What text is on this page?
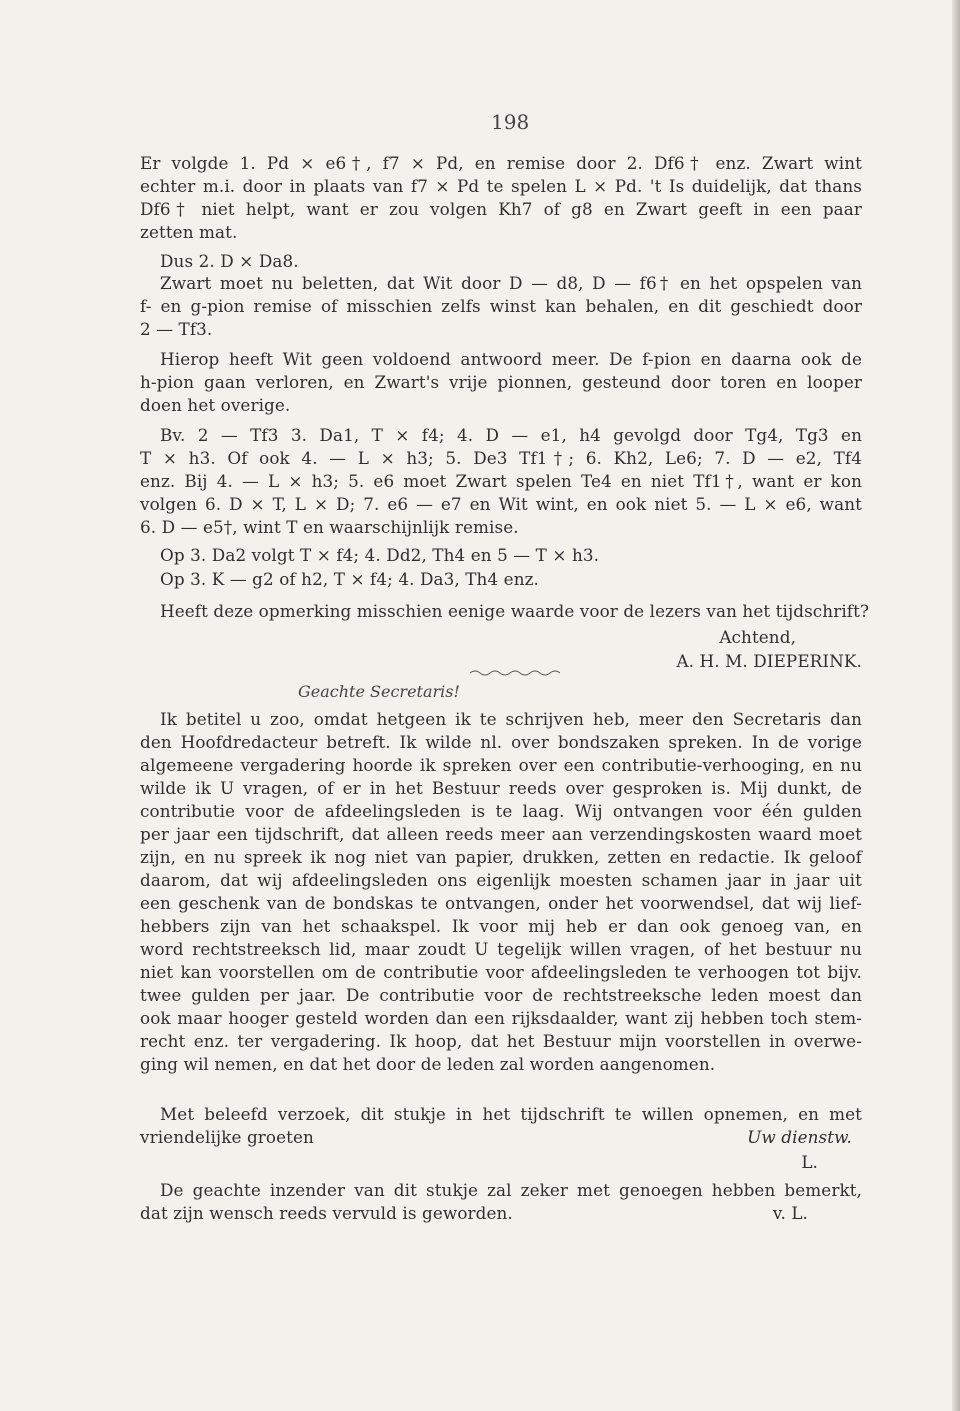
198
Er volgde 1. Pd × e6†, f7 × Pd, en remise door 2. Df6† enz. Zwart wint
echter m.i. door in plaats van f7 × Pd te spelen L × Pd. 't Is duidelijk, dat thans
Df6† niet helpt, want er zou volgen Kh7 of g8 en Zwart geeft in een paar
zetten mat.
Dus 2. D × Da8.
Zwart moet nu beletten, dat Wit door D — d8, D — f6† en het opspelen van
f- en g-pion remise of misschien zelfs winst kan behalen, en dit geschiedt door
2 — Tf3.
Hierop heeft Wit geen voldoend antwoord meer. De f-pion en daarna ook de
h-pion gaan verloren, en Zwart's vrije pionnen, gesteund door toren en looper
doen het overige.
Bv. 2 — Tf3 3. Da1, T × f4; 4. D — e1, h4 gevolgd door Tg4, Tg3 en
T × h3. Of ook 4. — L × h3; 5. De3 Tf1†; 6. Kh2, Le6; 7. D — e2, Tf4
enz. Bij 4. — L × h3; 5. e6 moet Zwart spelen Te4 en niet Tf1†, want er kon
volgen 6. D × T, L × D; 7. e6 — e7 en Wit wint, en ook niet 5. — L × e6, want
6. D — e5†, wint T en waarschijnlijk remise.
Op 3. Da2 volgt T × f4; 4. Dd2, Th4 en 5 — T × h3.
Op 3. K — g2 of h2, T × f4; 4. Da3, Th4 enz.
Heeft deze opmerking misschien eenige waarde voor de lezers van het tijdschrift?
Achtend,
A. H. M. DIEPERINK.
Geachte Secretaris!
Ik betitel u zoo, omdat hetgeen ik te schrijven heb, meer den Secretaris dan
den Hoofdredacteur betreft. Ik wilde nl. over bondszaken spreken. In de vorige
algemeene vergadering hoorde ik spreken over een contributie-verhooging, en nu
wilde ik U vragen, of er in het Bestuur reeds over gesproken is. Mij dunkt, de
contributie voor de afdeelingsleden is te laag. Wij ontvangen voor één gulden
per jaar een tijdschrift, dat alleen reeds meer aan verzendingskosten waard moet
zijn, en nu spreek ik nog niet van papier, drukken, zetten en redactie. Ik geloof
daarom, dat wij afdeelingsleden ons eigenlijk moesten schamen jaar in jaar uit
een geschenk van de bondskas te ontvangen, onder het voorwendsel, dat wij lief-
hebbers zijn van het schaakspel. Ik voor mij heb er dan ook genoeg van, en
word rechtstreeksch lid, maar zoudt U tegelijk willen vragen, of het bestuur nu
niet kan voorstellen om de contributie voor afdeelingsleden te verhoogen tot bijv.
twee gulden per jaar. De contributie voor de rechtstreeksche leden moest dan
ook maar hooger gesteld worden dan een rijksdaalder, want zij hebben toch stem-
recht enz. ter vergadering. Ik hoop, dat het Bestuur mijn voorstellen in overwe-
ging wil nemen, en dat het door de leden zal worden aangenomen.
Met beleefd verzoek, dit stukje in het tijdschrift te willen opnemen, en met
vriendelijke groeten	Uw dienstw.
L.
De geachte inzender van dit stukje zal zeker met genoegen hebben bemerkt,
dat zijn wensch reeds vervuld is geworden.	v. L.
